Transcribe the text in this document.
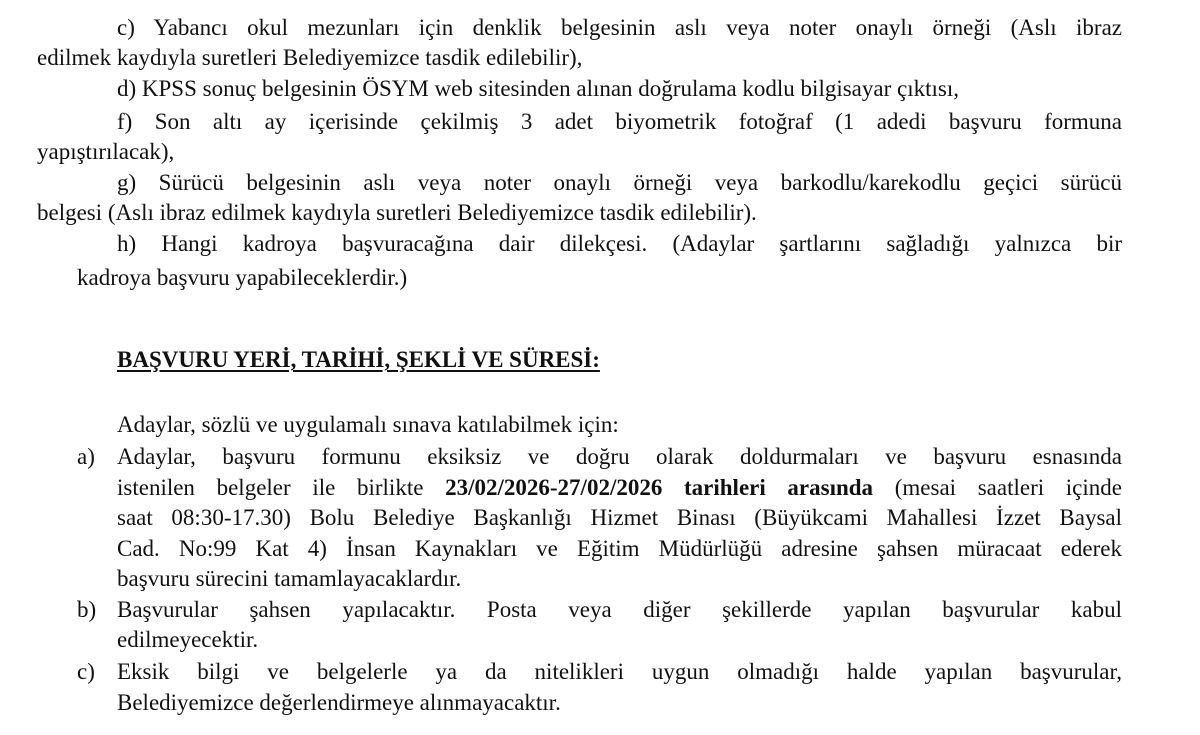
c) Yabancı okul mezunları için denklik belgesinin aslı veya noter onaylı örneği (Aslı ibraz
edilmek kaydıyla suretleri Belediyemizce tasdik edilebilir),
d) KPSS sonuç belgesinin ÖSYM web sitesinden alınan doğrulama kodlu bilgisayar çıktısı,
f) Son altı ay içerisinde çekilmiş 3 adet biyometrik fotoğraf (1 adedi başvuru formuna
yapıştırılacak),
g) Sürücü belgesinin aslı veya noter onaylı örneği veya barkodlu/karekodlu geçici sürücü
belgesi (Aslı ibraz edilmek kaydıyla suretleri Belediyemizce tasdik edilebilir).
h) Hangi kadroya başvuracağına dair dilekçesi. (Adaylar şartlarını sağladığı yalnızca bir
kadroya başvuru yapabileceklerdir.)
BAŞVURU YERİ, TARİHİ, ŞEKLİ VE SÜRESİ:
Adaylar, sözlü ve uygulamalı sınava katılabilmek için:
a) Adaylar, başvuru formunu eksiksiz ve doğru olarak doldurmaları ve başvuru esnasında
istenilen belgeler ile birlikte 23/02/2026-27/02/2026 tarihleri arasında (mesai saatleri içinde
saat 08:30-17.30) Bolu Belediye Başkanlığı Hizmet Binası (Büyükcami Mahallesi İzzet Baysal
Cad. No:99 Kat 4) İnsan Kaynakları ve Eğitim Müdürlüğü adresine şahsen müracaat ederek
başvuru sürecini tamamlayacaklardır.
b) Başvurular şahsen yapılacaktır. Posta veya diğer şekillerde yapılan başvurular kabul
edilmeyecektir.
c) Eksik bilgi ve belgelerle ya da nitelikleri uygun olmadığı halde yapılan başvurular,
Belediyemizce değerlendirmeye alınmayacaktır.
